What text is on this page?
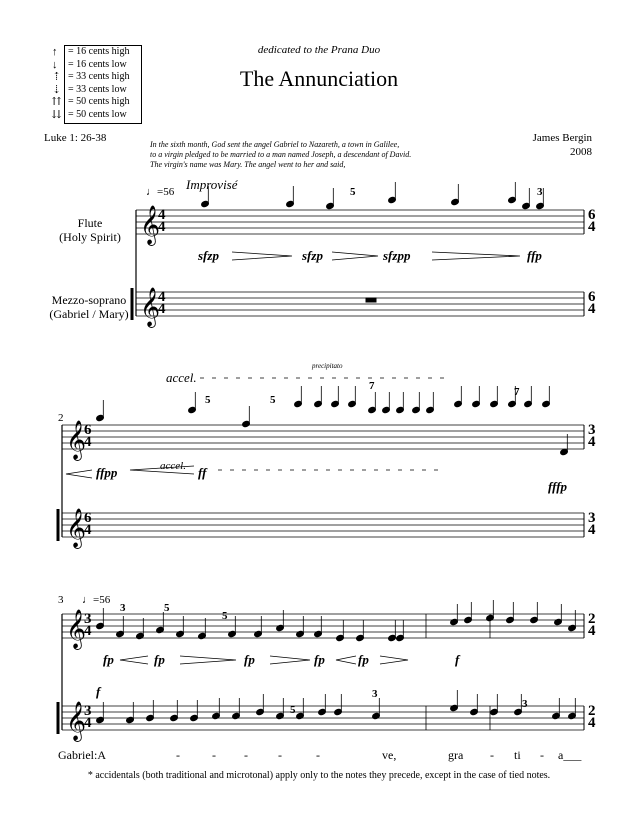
↑ = 16 cents high
↓ = 16 cents low
⇡ = 33 cents high
⇣ = 33 cents low
⇈ = 50 cents high
⇊ = 50 cents low
dedicated to the Prana Duo
The Annunciation
Luke 1: 26-38	James Bergin
2008
In the sixth month, God sent the angel Gabriel to Nazareth, a town in Galilee,
to a virgin pledged to be married to a man named Joseph, a descendant of David.
The virgin's name was Mary. The angel went to her and said,
𝄞
𝄞
𝄞
𝄞
𝄞
𝄞
♩=56 Improvisé
Flute
(Holy Spirit)
Mezzo-soprano
(Gabriel / Mary)
sfzp	sfzp	sfzpp	ffp
5	3
2
accel.
precipitato
accel.
ffpp	ff
fffp
5	5
7	7
3 ♩=56
fp	fp	fp	fp	fp	f
f
3	5
5
5
3
3
Gabriel:A	-	- -	-	-	ve,	gra - ti - a___
4
4
4
4
6
4
6
4
6
4
6
4
3
4
3
4
3
4
3
4
2
4
2
4
* accidentals (both traditional and microtonal) apply only to the notes they precede, except in the case of tied notes.
